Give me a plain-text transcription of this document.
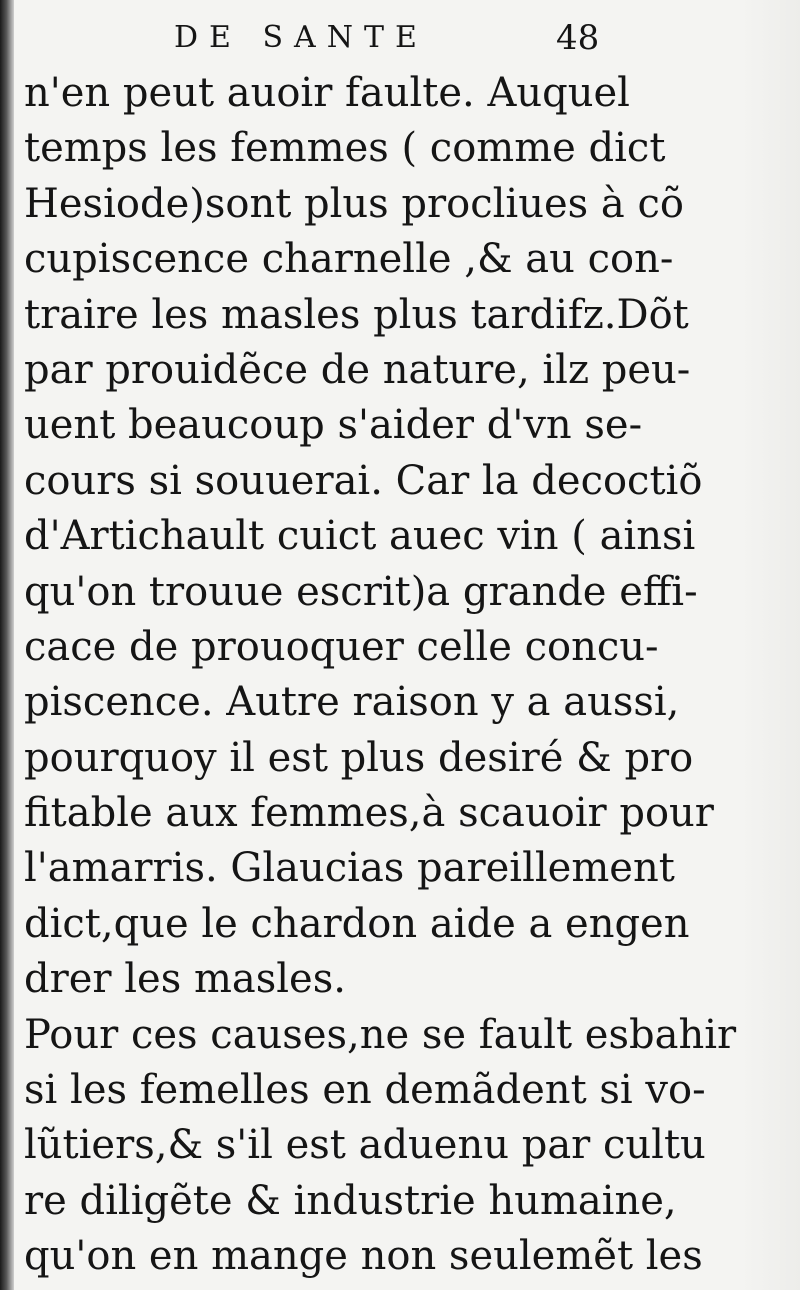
DE SANTE	48
n'en peut auoir faulte. Auquel
temps les femmes ( comme dict
Hesiode)sont plus procliues à cõ
cupiscence charnelle ,& au con-
traire les masles plus tardifz.Dõt
par prouidẽce de nature, ilz peu-
uent beaucoup s'aider d'vn se-
cours si souuerai. Car la decoctiõ
d'Artichault cuict auec vin ( ainsi
qu'on trouue escrit)a grande effi-
cace de prouoquer celle concu-
piscence. Autre raison y a aussi,
pourquoy il est plus desiré & pro
fitable aux femmes,à scauoir pour
l'amarris. Glaucias pareillement
dict,que le chardon aide a engen
drer les masles.
Pour ces causes,ne se fault esbahir
si les femelles en demãdent si vo-
lũtiers,& s'il est aduenu par cultu
re diligẽte & industrie humaine,
qu'on en mange non seulemẽt les
